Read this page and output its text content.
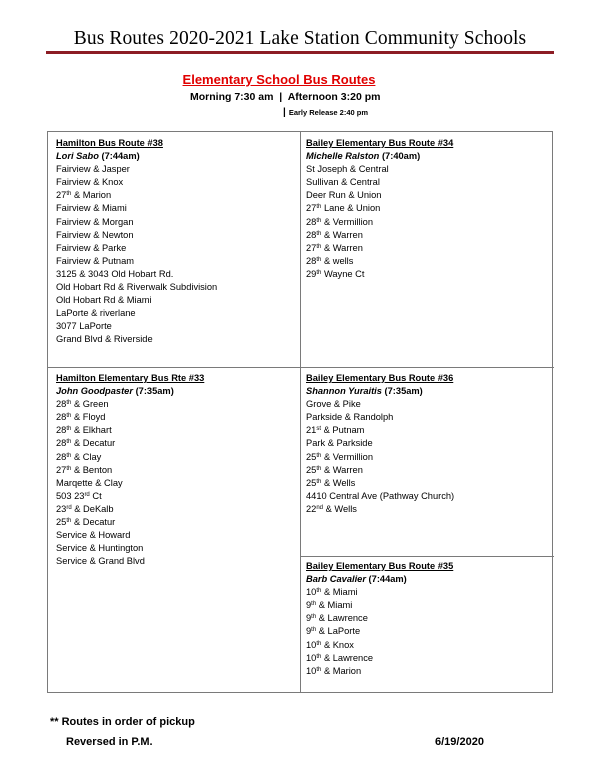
Bus Routes 2020-2021 Lake Station Community Schools
Elementary School Bus Routes
Morning 7:30 am | Afternoon 3:20 pm
| Early Release 2:40 pm
Hamilton Bus Route #38
Lori Sabo (7:44am)
Fairview & Jasper
Fairview & Knox
27th & Marion
Fairview & Miami
Fairview & Morgan
Fairview & Newton
Fairview & Parke
Fairview & Putnam
3125 & 3043 Old Hobart Rd.
Old Hobart Rd & Riverwalk Subdivision
Old Hobart Rd & Miami
LaPorte & riverlane
3077 LaPorte
Grand Blvd & Riverside
Bailey Elementary Bus Route #34
Michelle Ralston (7:40am)
St Joseph & Central
Sullivan & Central
Deer Run & Union
27th Lane & Union
28th & Vermillion
28th & Warren
27th & Warren
28th & wells
29th Wayne Ct
Hamilton Elementary Bus Rte #33
John Goodpaster (7:35am)
28th & Green
28th & Floyd
28th & Elkhart
28th & Decatur
28th & Clay
27th & Benton
Marqette & Clay
503 23rd Ct
23rd & DeKalb
25th & Decatur
Service & Howard
Service & Huntington
Service & Grand Blvd
Bailey Elementary Bus Route #36
Shannon Yuraitis (7:35am)
Grove & Pike
Parkside & Randolph
21st & Putnam
Park & Parkside
25th & Vermillion
25th & Warren
25th & Wells
4410 Central Ave (Pathway Church)
22nd & Wells
Bailey Elementary Bus Route #35
Barb Cavalier (7:44am)
10th & Miami
9th & Miami
9th & Lawrence
9th & LaPorte
10th & Knox
10th & Lawrence
10th & Marion
** Routes in order of pickup
Reversed in P.M.	6/19/2020
